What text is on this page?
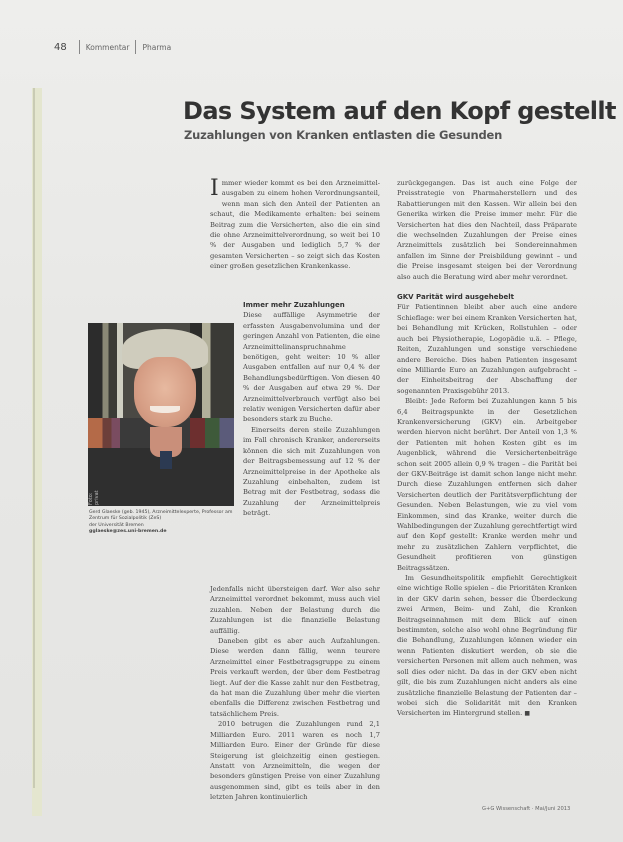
48	Kommentar Pharma
Das System auf den Kopf gestellt
Zuzahlungen von Kranken entlasten die Gesunden

Immer wieder kommt es bei den Arzneimittel-ausgaben zu einem hohen Verordnungsanteil, wenn man sich den Anteil der Patienten an schaut, die Medikamente erhalten: bei seinem Beitrag zum die Versicherten, also die ein sind die ohne Arzneimittelverordnung, so weit bei 10 % der Ausgaben und lediglich 5,7 % der gesamten Versicherten – so zeigt sich das Kosten einer großen gesetzlichen Krankenkasse.

Foto: privat
Gerd Glaeske (geb. 1945), Arzneimittelexperte, Professor am Zentrum für Sozialpolitik (ZeS)
der Universität Bremen
gglaeske@zes.uni-bremen.de
Immer mehr Zuzahlungen

Diese auffällige Asymmetrie der erfassten Ausgabenvolumina und der geringen Anzahl von Patienten, die eine Arzneimittelinanspruchnahme benötigen, geht weiter: 10 % aller Ausgaben entfallen auf nur 0,4 % der Behandlungsbedürftigen. Von diesen 40 % der Ausgaben auf etwa 29 %. Der Arzneimittelverbrauch verfügt also bei relativ wenigen Versicherten dafür aber besonders stark zu Buche.

Einerseits deren steile Zuzahlungen im Fall chronisch Kranker, andererseits können die sich mit Zuzahlungen von der Beitragsbemessung auf 12 % der Arzneimittelpreise in der Apotheke als Zuzahlung einbehalten, zudem ist Betrag mit der Festbetrag, sodass die Zuzahlung der Arzneimittelpreis beträgt.

Jedenfalls nicht übersteigen darf. Wer also sehr Arzneimittel verordnet bekommt, muss auch viel zuzahlen. Neben der Belastung durch die Zuzahlungen ist die finanzielle Belastung auffällig.

Daneben gibt es aber auch Aufzahlungen. Diese werden dann fällig, wenn teurere Arzneimittel einer Festbetragsgruppe zu einem Preis verkauft werden, der über dem Festbetrag liegt. Auf der die Kasse zahlt nur den Festbetrag, da hat man die Zuzahlung über mehr die vierten ebenfalls die Differenz zwischen Festbetrag und tatsächlichem Preis.

2010 betrugen die Zuzahlungen rund 2,1 Milliarden Euro. 2011 waren es noch 1,7 Milliarden Euro. Einer der Gründe für diese Steigerung ist gleichzeitig einen gestiegen. Anstatt von Arzneimitteln, die wegen der besonders günstigen Preise von einer Zuzahlung ausgenommen sind, gibt es teils aber in den letzten Jahren kontinuierlich

zurückgegangen. Das ist auch eine Folge der Preisstrategie von Pharmaherstellern und des Rabattierungen mit den Kassen. Wir allein bei den Generika wirken die Preise immer mehr. Für die Versicherten hat dies den Nachteil, dass Präparate die wechselnden Zuzahlungen der Preise eines Arzneimittels zusätzlich bei Sondereinnahmen anfallen im Sinne der Preisbildung gewinnt – und die Preise insgesamt steigen bei der Verordnung also auch die Beratung wird aber mehr verordnet.

GKV Parität wird ausgehebelt

Für Patientinnen bleibt aber auch eine andere Schieflage: wer bei einem Kranken Versicherten hat, bei Behandlung mit Krücken, Rollstuhlen – oder auch bei Physiotherapie, Logopädie u.ä. – Pflege, Reiten, Zuzahlungen und sonstige verschiedene andere Bereiche. Dies haben Patienten insgesamt eine Milliarde Euro an Zuzahlungen aufgebracht – der Einheitsbeitrag der Abschaffung der sogenannten Praxisgebühr 2013.

Bleibt: Jede Reform bei Zuzahlungen kann 5 bis 6,4 Beitragspunkte in der Gesetzlichen Krankenversicherung (GKV) ein. Arbeitgeber werden hiervon nicht berührt. Der Anteil von 1,3 % der Patienten mit hohen Kosten gibt es im Augenblick, während die Versichertenbeiträge schon seit 2005 allein 0,9 % tragen – die Parität bei der GKV-Beiträge ist damit schon lange nicht mehr. Durch diese Zuzahlungen entfernen sich daher Versicherten deutlich der Paritätsverpflichtung der Gesunden. Neben Belastungen, wie zu viel vom Einkommen, sind das Kranke, weiter durch die Wahlbedingungen der Zuzahlung gerechtfertigt wird auf den Kopf gestellt: Kranke werden mehr und mehr zu zusätzlichen Zahlern verpflichtet, die Gesundheit profitieren von günstigen Beitragssätzen.

Im Gesundheitspolitik empfiehlt Gerechtigkeit eine wichtige Rolle spielen – die Prioritäten Kranken in der GKV darin sehen, besser die Überdeckung zwei Armen, Beim- und Zahl, die Kranken Beitragseinnahmen mit dem Blick auf einen bestimmten, solche also wohl ohne Begründung für die Behandlung, Zuzahlungen können wieder ein wenn Patienten diskutiert werden, ob sie die versicherten Personen mit allem auch nehmen, was soll dies oder nicht. Da das in der GKV eben nicht gilt, die bis zum Zuzahlungen nicht anders als eine zusätzliche finanzielle Belastung der Patienten dar – wobei sich die Solidarität mit den Kranken Versicherten im Hintergrund stellen. ■

G+G Wissenschaft · Mai/Juni 2013
